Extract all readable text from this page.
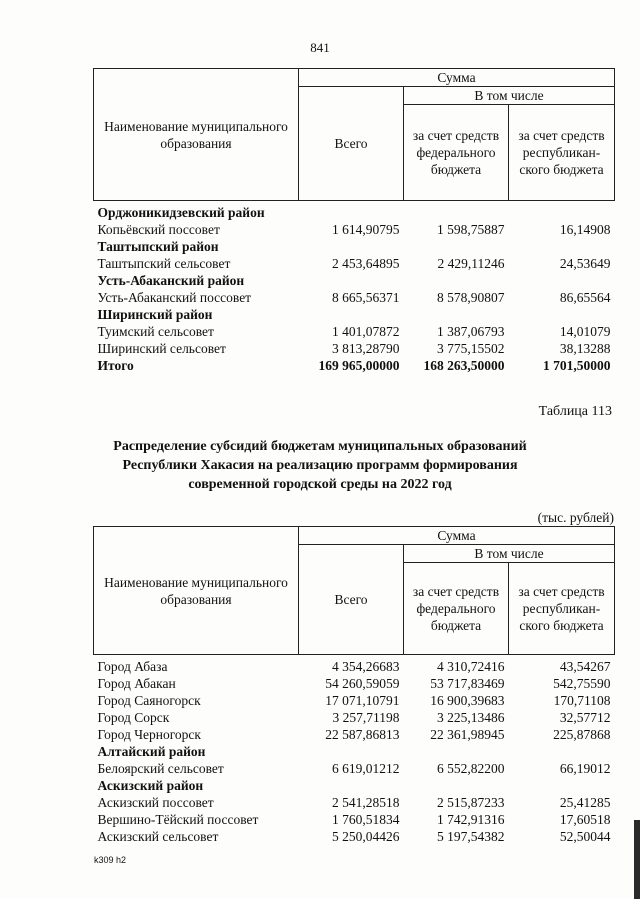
841
Наименование муниципального образования	Сумма		
	Всего	В том числе	
		за счет средств федерального бюджета	за счет средств республикан-ского бюджета

Орджоникидзевский район			
Копьёвский поссовет	1 614,90795	1 598,75887	16,14908
Таштыпский район			
Таштыпский сельсовет	2 453,64895	2 429,11246	24,53649
Усть-Абаканский район			
Усть-Абаканский поссовет	8 665,56371	8 578,90807	86,65564
Ширинский район			
Туимский сельсовет	1 401,07872	1 387,06793	14,01079
Ширинский сельсовет	3 813,28790	3 775,15502	38,13288
Итого	169 965,00000	168 263,50000	1 701,50000
Таблица 113
Распределение субсидий бюджетам муниципальных образований
Республики Хакасия на реализацию программ формирования
современной городской среды на 2022 год
(тыс. рублей)
Наименование муниципального образования	Сумма		
	Всего	В том числе	
		за счет средств федерального бюджета	за счет средств республикан-ского бюджета

Город Абаза	4 354,26683	4 310,72416	43,54267
Город Абакан	54 260,59059	53 717,83469	542,75590
Город Саяногорск	17 071,10791	16 900,39683	170,71108
Город Сорск	3 257,71198	3 225,13486	32,57712
Город Черногорск	22 587,86813	22 361,98945	225,87868
Алтайский район			
Белоярский сельсовет	6 619,01212	6 552,82200	66,19012
Аскизский район			
Аскизский поссовет	2 541,28518	2 515,87233	25,41285
Вершино-Тёйский поссовет	1 760,51834	1 742,91316	17,60518
Аскизский сельсовет	5 250,04426	5 197,54382	52,50044
k309 h2
